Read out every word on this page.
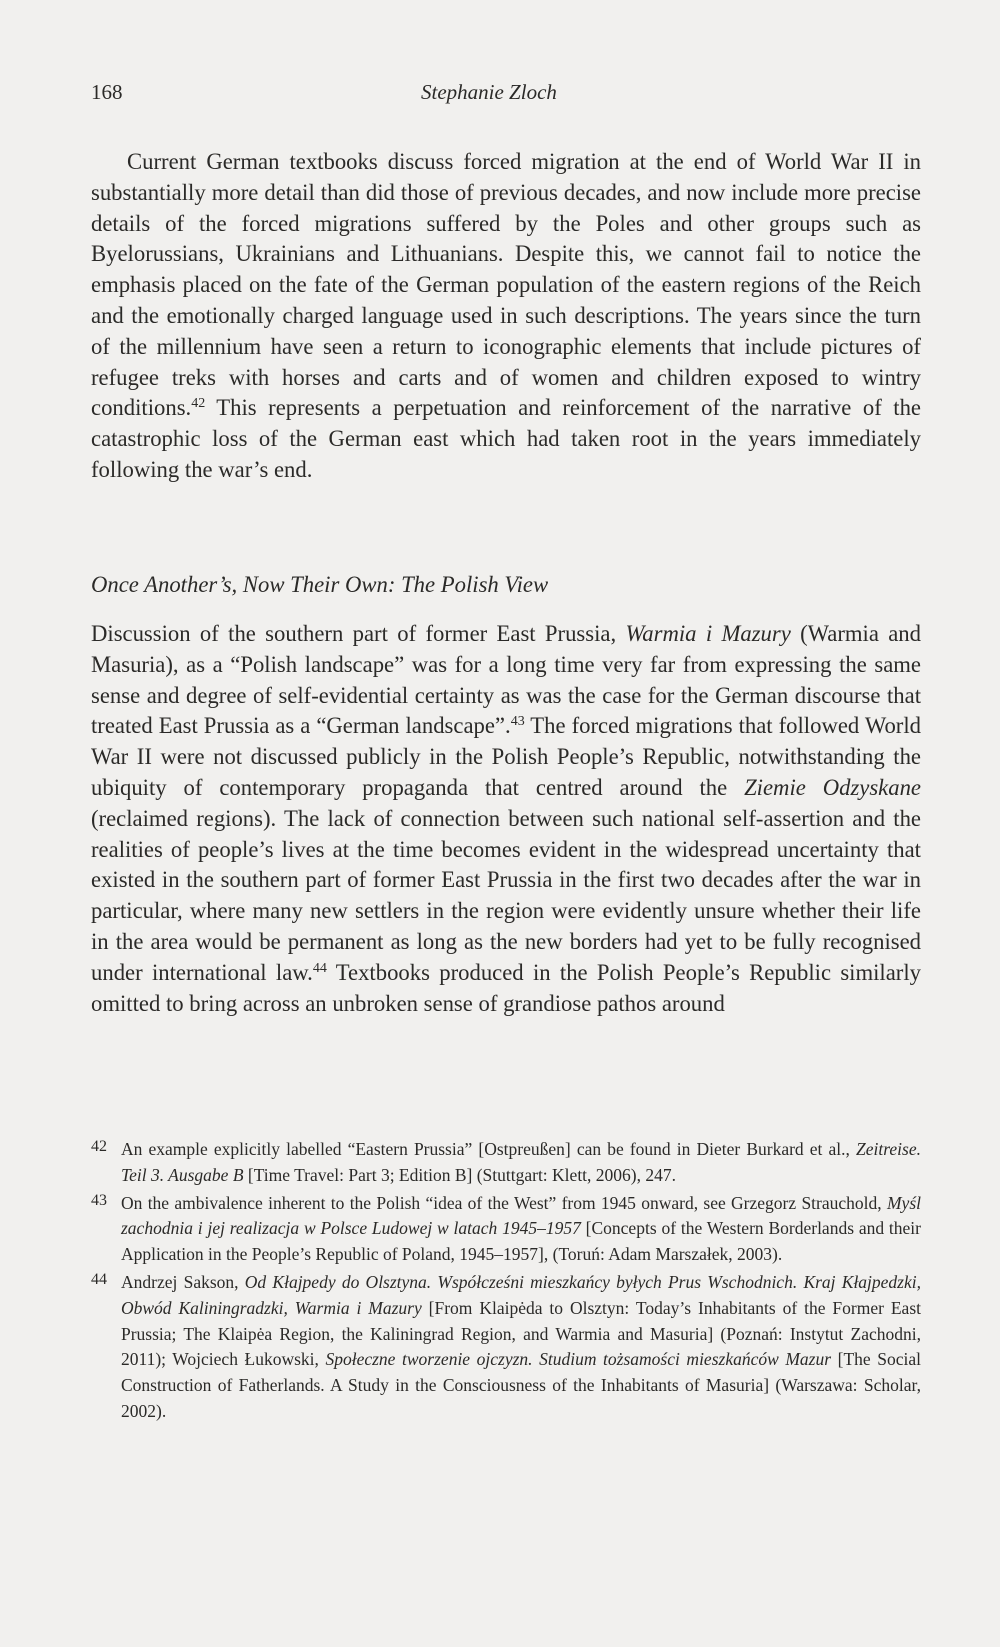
168	Stephanie Zloch

Current German textbooks discuss forced migration at the end of World War II in substantially more detail than did those of previous decades, and now include more precise details of the forced migrations suffered by the Poles and other groups such as Byelorussians, Ukrainians and Lithuanians. Despite this, we cannot fail to notice the emphasis placed on the fate of the German population of the eastern regions of the Reich and the emotionally charged language used in such descriptions. The years since the turn of the millennium have seen a return to iconographic elements that include pictures of refugee treks with horses and carts and of women and children exposed to wintry conditions.$^{42}$ This represents a perpetuation and reinforcement of the narrative of the catastrophic loss of the German east which had taken root in the years immediately following the war’s end.

Once Another’s, Now Their Own: The Polish View

Discussion of the southern part of former East Prussia, Warmia i Mazury (Warmia and Masuria), as a “Polish landscape” was for a long time very far from expressing the same sense and degree of self-evidential certainty as was the case for the German discourse that treated East Prussia as a “German landscape”.$^{43}$ The forced migrations that followed World War II were not discussed publicly in the Polish People’s Republic, notwithstanding the ubiquity of contemporary propaganda that centred around the Ziemie Odzyskane (reclaimed regions). The lack of connection between such national self-assertion and the realities of people’s lives at the time becomes evident in the widespread uncertainty that existed in the southern part of former East Prussia in the first two decades after the war in particular, where many new settlers in the region were evidently unsure whether their life in the area would be permanent as long as the new borders had yet to be fully recognised under international law.$^{44}$ Textbooks produced in the Polish People’s Republic similarly omitted to bring across an unbroken sense of grandiose pathos around

42 An example explicitly labelled “Eastern Prussia” [Ostpreußen] can be found in Dieter Burkard et al., Zeitreise. Teil 3. Ausgabe B [Time Travel: Part 3; Edition B] (Stuttgart: Klett, 2006), 247.
43 On the ambivalence inherent to the Polish “idea of the West” from 1945 onward, see Grzegorz Strauchold, Myśl zachodnia i jej realizacja w Polsce Ludowej w latach 1945–1957 [Concepts of the Western Borderlands and their Application in the People’s Republic of Poland, 1945–1957], (Toruń: Adam Marszałek, 2003).
44 Andrzej Sakson, Od Kłajpedy do Olsztyna. Współcześni mieszkańcy byłych Prus Wschodnich. Kraj Kłajpedzki, Obwód Kaliningradzki, Warmia i Mazury [From Klaipėda to Olsztyn: Today’s Inhabitants of the Former East Prussia; The Klaipėa Region, the Kaliningrad Region, and Warmia and Masuria] (Poznań: Instytut Zachodni, 2011); Wojciech Łukowski, Społeczne tworzenie ojczyzn. Studium tożsamości mieszkańców Mazur [The Social Construction of Fatherlands. A Study in the Consciousness of the Inhabitants of Masuria] (Warszawa: Scholar, 2002).
